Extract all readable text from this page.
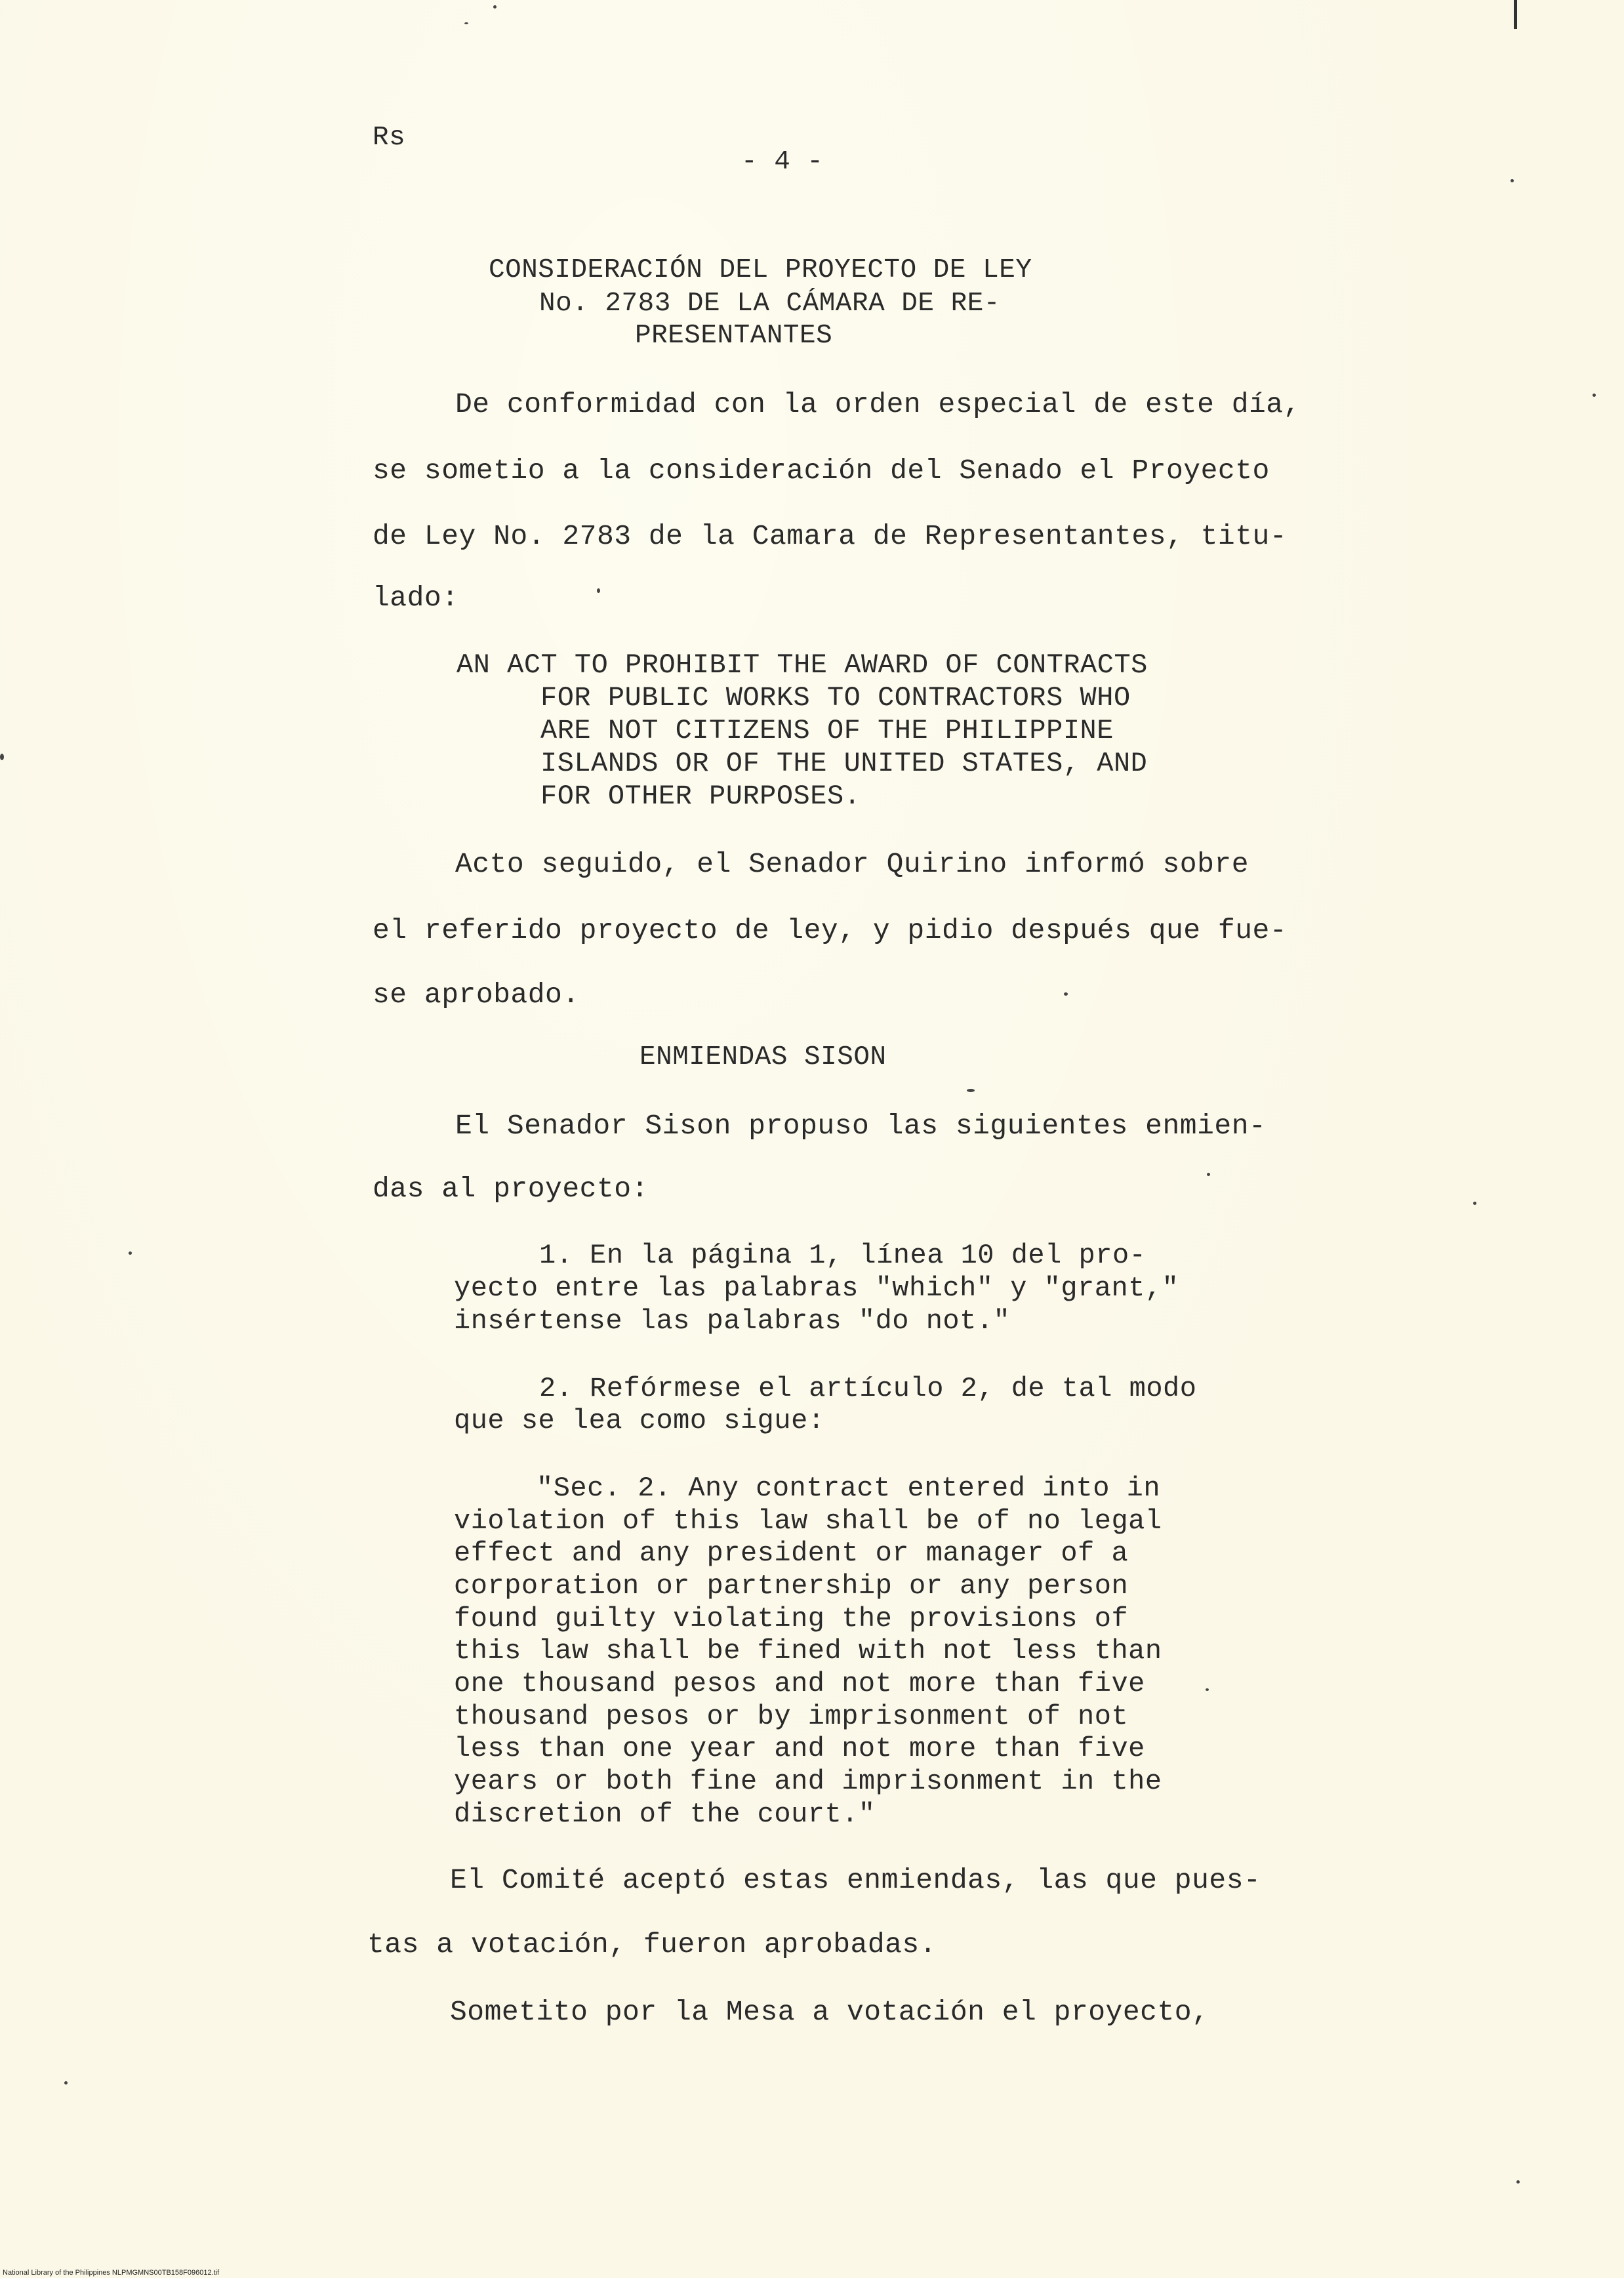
Rs
- 4 -
CONSIDERACIÓN DEL PROYECTO DE LEY
No. 2783 DE LA CÁMARA DE RE-
PRESENTANTES
De conformidad con la orden especial de este día,
se sometio a la consideración del Senado el Proyecto
de Ley No. 2783 de la Camara de Representantes, titu-
lado:
AN ACT TO PROHIBIT THE AWARD OF CONTRACTS
FOR PUBLIC WORKS TO CONTRACTORS WHO
ARE NOT CITIZENS OF THE PHILIPPINE
ISLANDS OR OF THE UNITED STATES, AND
FOR OTHER PURPOSES.
Acto seguido, el Senador Quirino informó sobre
el referido proyecto de ley, y pidio después que fue-
se aprobado.
ENMIENDAS SISON
El Senador Sison propuso las siguientes enmien-
das al proyecto:
1. En la página 1, línea 10 del pro-
yecto entre las palabras "which" y "grant,"
insértense las palabras "do not."
2. Refórmese el artículo 2, de tal modo
que se lea como sigue:
"Sec. 2. Any contract entered into in
violation of this law shall be of no legal
effect and any president or manager of a
corporation or partnership or any person
found guilty violating the provisions of
this law shall be fined with not less than
one thousand pesos and not more than five
thousand pesos or by imprisonment of not
less than one year and not more than five
years or both fine and imprisonment in the
discretion of the court."
El Comité aceptó estas enmiendas, las que pues-
tas a votación, fueron aprobadas.
Sometito por la Mesa a votación el proyecto,
National Library of the Philippines NLPMGMNS00TB158F096012.tif
